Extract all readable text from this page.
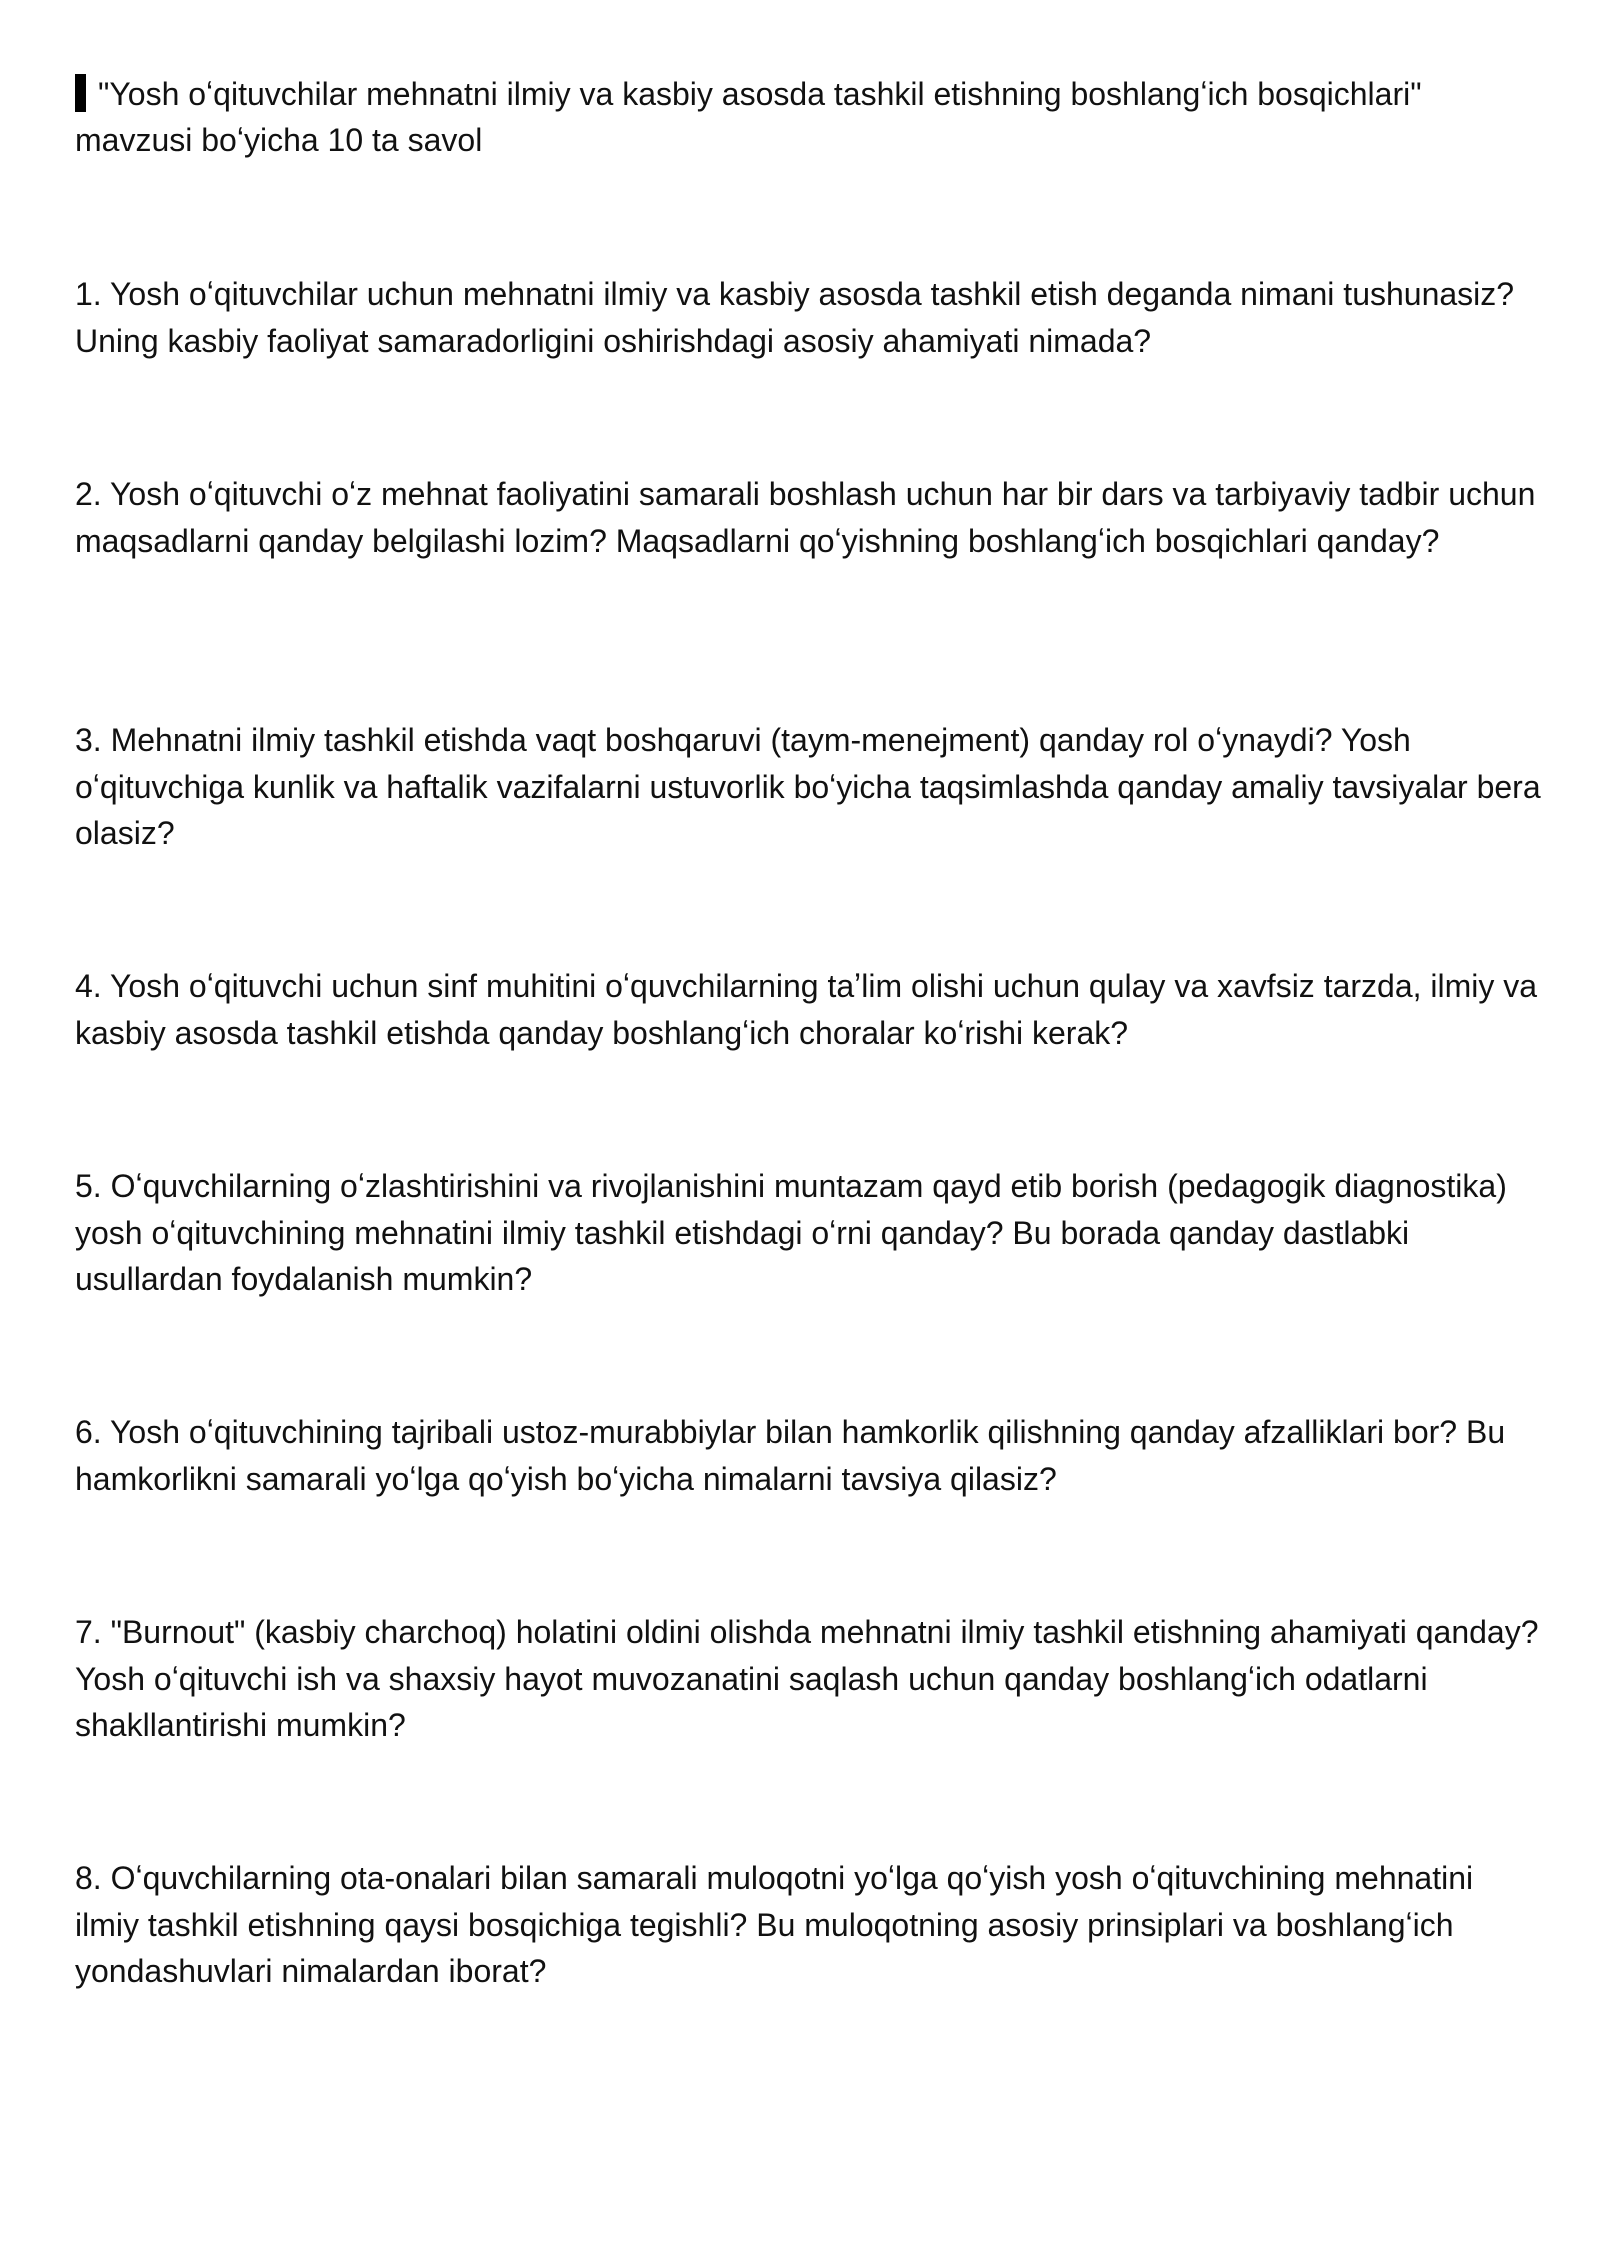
"Yosh oʻqituvchilar mehnatni ilmiy va kasbiy asosda tashkil etishning boshlangʻich bosqichlari" mavzusi boʻyicha 10 ta savol

1. Yosh oʻqituvchilar uchun mehnatni ilmiy va kasbiy asosda tashkil etish deganda nimani tushunasiz? Uning kasbiy faoliyat samaradorligini oshirishdagi asosiy ahamiyati nimada?

2. Yosh oʻqituvchi oʻz mehnat faoliyatini samarali boshlash uchun har bir dars va tarbiyaviy tadbir uchun maqsadlarni qanday belgilashi lozim? Maqsadlarni qoʻyishning boshlangʻich bosqichlari qanday?

3. Mehnatni ilmiy tashkil etishda vaqt boshqaruvi (taym-menejment) qanday rol oʻynaydi? Yosh oʻqituvchiga kunlik va haftalik vazifalarni ustuvorlik boʻyicha taqsimlashda qanday amaliy tavsiyalar bera olasiz?

4. Yosh oʻqituvchi uchun sinf muhitini oʻquvchilarning taʼlim olishi uchun qulay va xavfsiz tarzda, ilmiy va kasbiy asosda tashkil etishda qanday boshlangʻich choralar koʻrishi kerak?

5. Oʻquvchilarning oʻzlashtirishini va rivojlanishini muntazam qayd etib borish (pedagogik diagnostika) yosh oʻqituvchining mehnatini ilmiy tashkil etishdagi oʻrni qanday? Bu borada qanday dastlabki usullardan foydalanish mumkin?

6. Yosh oʻqituvchining tajribali ustoz-murabbiylar bilan hamkorlik qilishning qanday afzalliklari bor? Bu hamkorlikni samarali yoʻlga qoʻyish boʻyicha nimalarni tavsiya qilasiz?

7. "Burnout" (kasbiy charchoq) holatini oldini olishda mehnatni ilmiy tashkil etishning ahamiyati qanday? Yosh oʻqituvchi ish va shaxsiy hayot muvozanatini saqlash uchun qanday boshlangʻich odatlarni shakllantirishi mumkin?

8. Oʻquvchilarning ota-onalari bilan samarali muloqotni yoʻlga qoʻyish yosh oʻqituvchining mehnatini ilmiy tashkil etishning qaysi bosqichiga tegishli? Bu muloqotning asosiy prinsiplari va boshlangʻich yondashuvlari nimalardan iborat?
